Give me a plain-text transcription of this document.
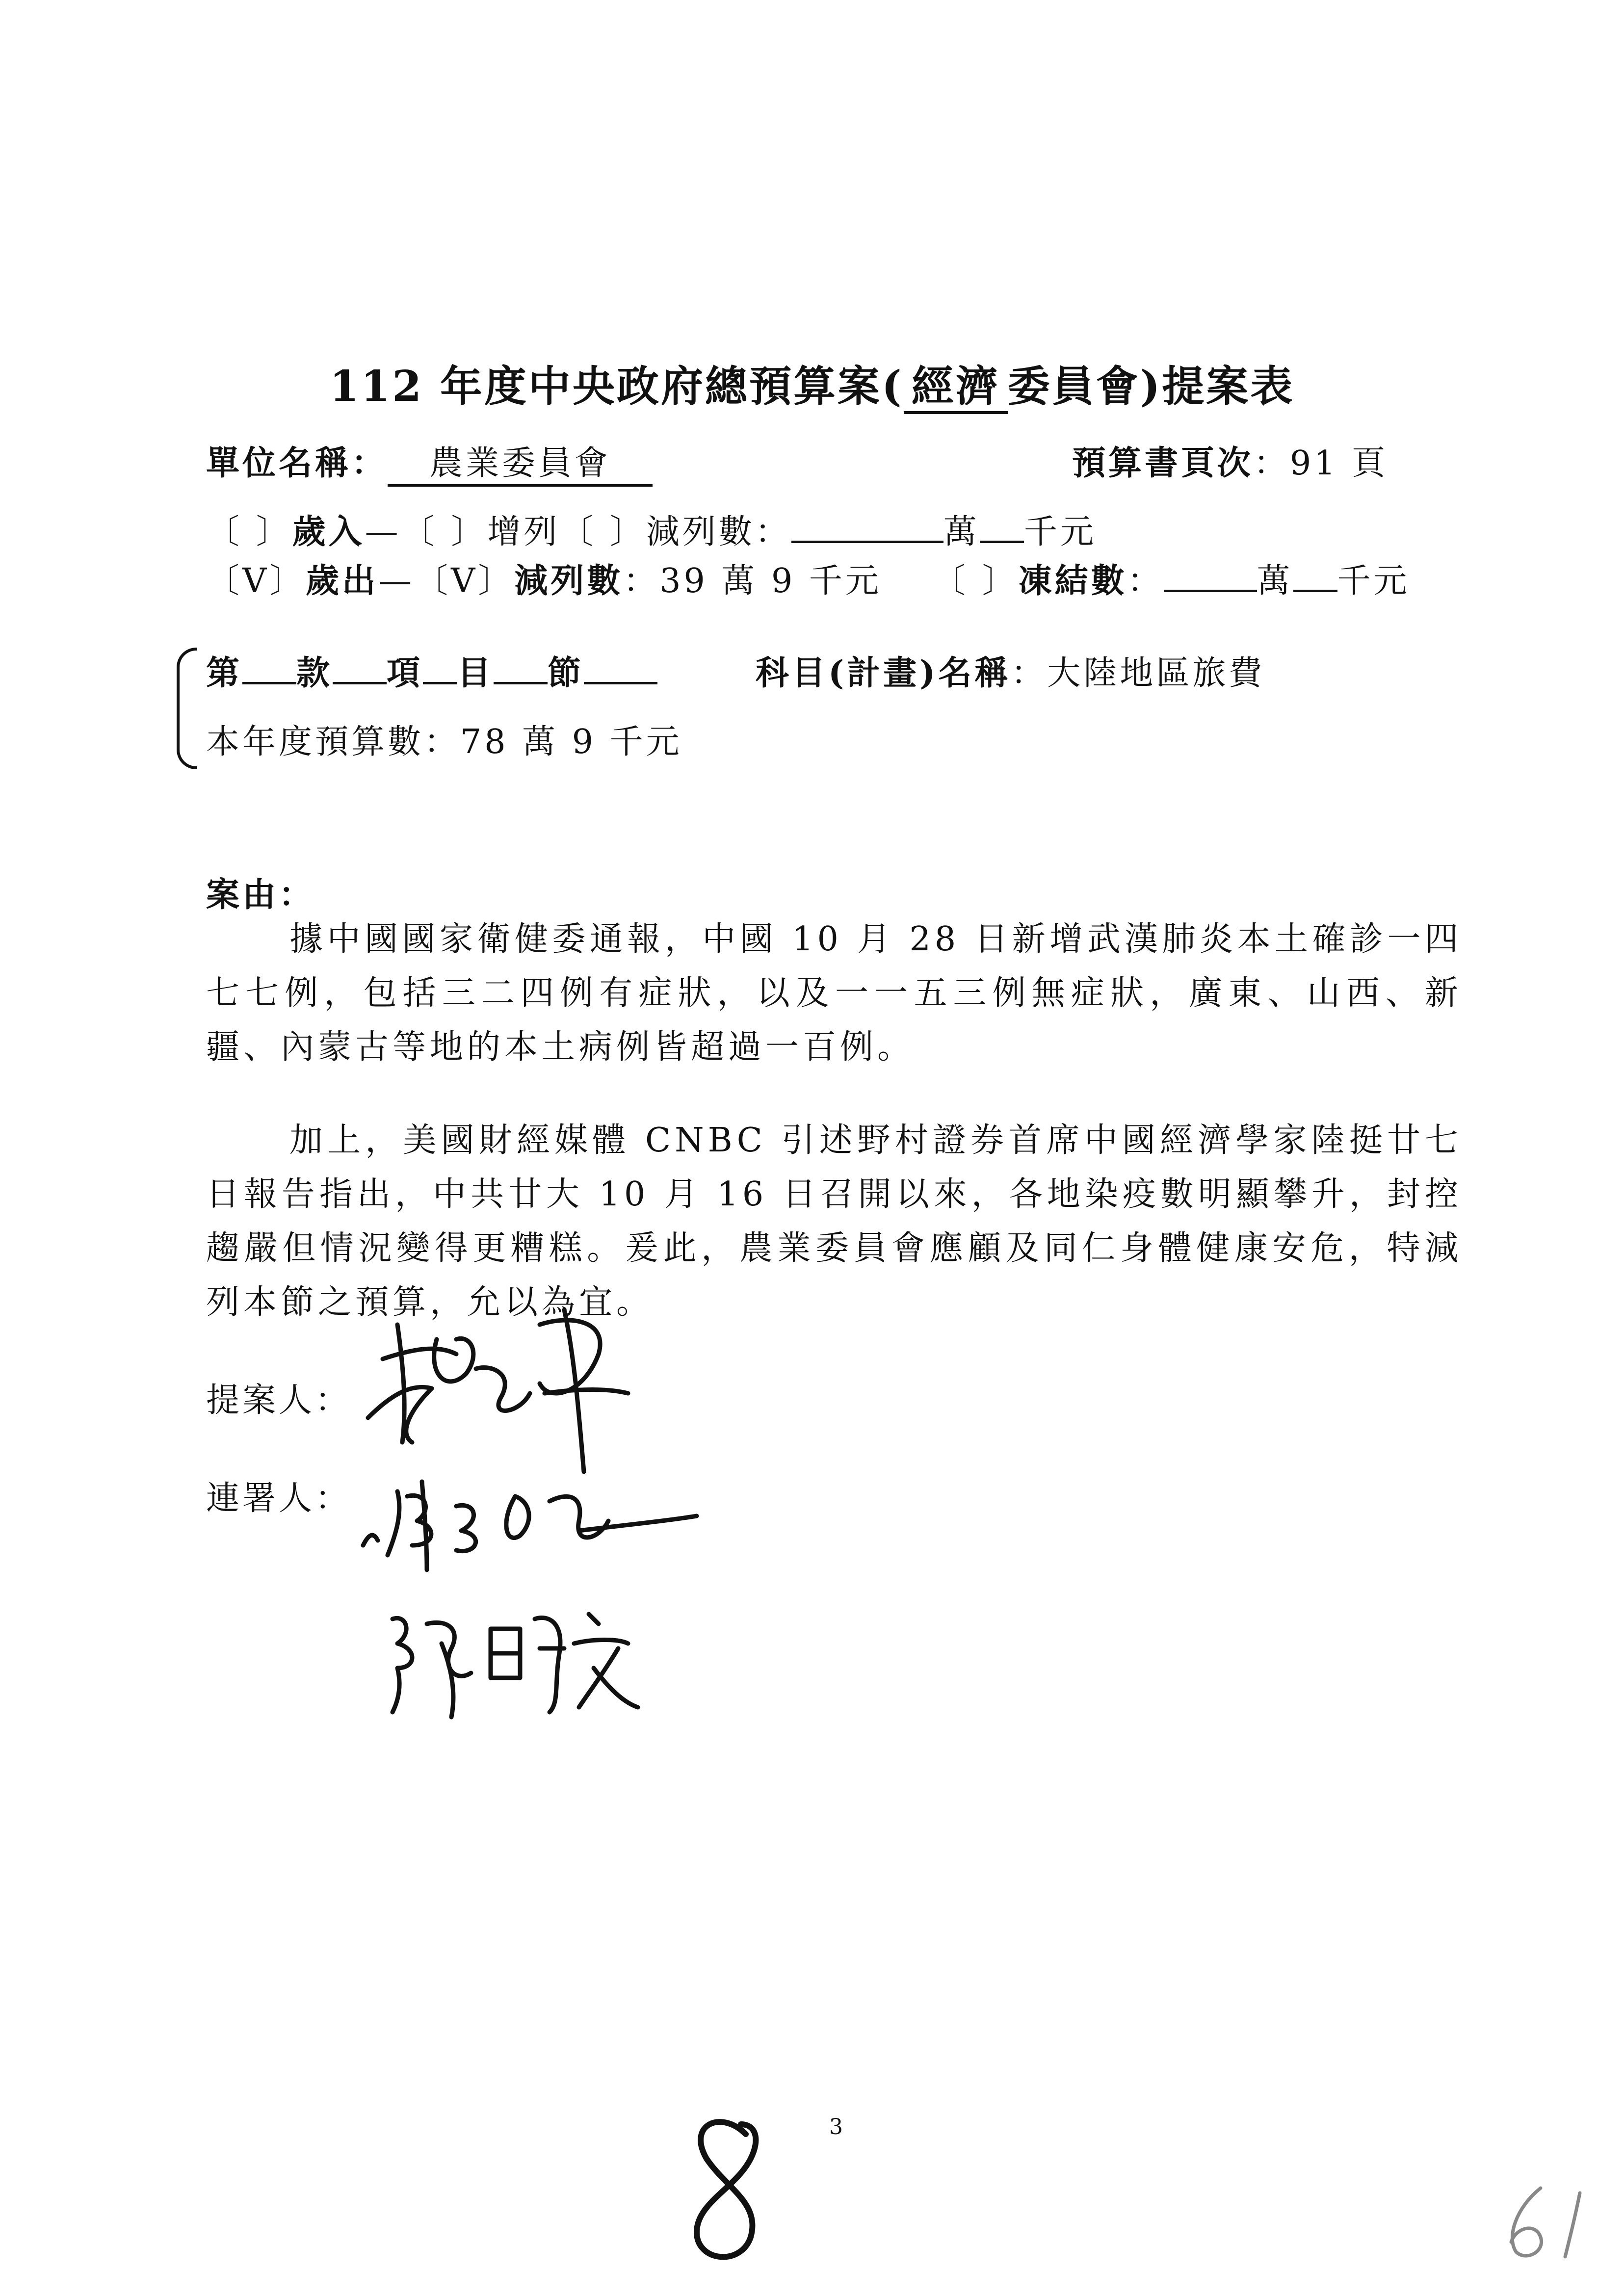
112 年度中央政府總預算案( 經濟 委員會)提案表
單位名稱： 農業委員會	預算書頁次：91 頁
〔 〕歲入—〔 〕增列〔 〕減列數：	萬 千元
〔V〕歲出—〔V〕減列數：39 萬 9 千元 〔 〕凍結數：	萬 千元
第 款 項 目 節	科目(計畫)名稱：大陸地區旅費
本年度預算數：78 萬 9 千元
案由：
據中國國家衛健委通報，中國 10 月 28 日新增武漢肺炎本土確診一四七七例，包括三二四例有症狀，以及一一五三例無症狀，廣東、山西、新疆、內蒙古等地的本土病例皆超過一百例。
加上，美國財經媒體 CNBC 引述野村證券首席中國經濟學家陸挺廿七日報告指出，中共廿大 10 月 16 日召開以來，各地染疫數明顯攀升，封控趨嚴但情況變得更糟糕。爰此，農業委員會應顧及同仁身體健康安危，特減列本節之預算，允以為宜。
提案人：
連署人：
3
